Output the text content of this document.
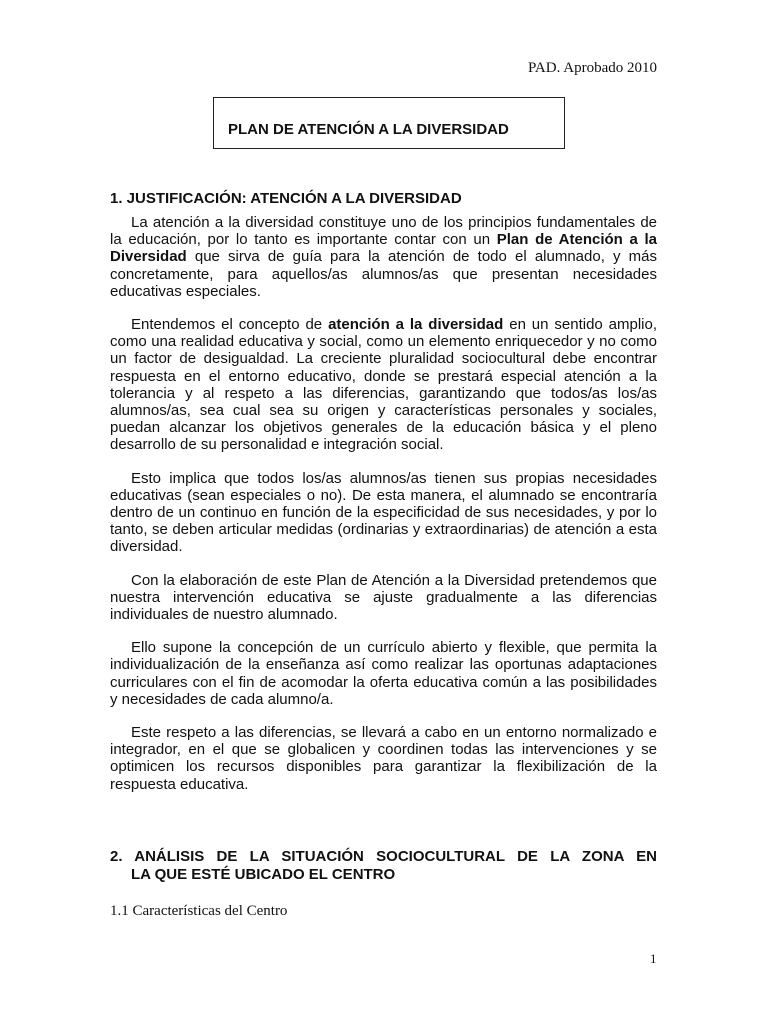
PAD. Aprobado 2010
PLAN DE ATENCIÓN A LA DIVERSIDAD
1. JUSTIFICACIÓN: ATENCIÓN A LA DIVERSIDAD

La atención a la diversidad constituye uno de los principios fundamentales de la educación, por lo tanto es importante contar con un Plan de Atención a la Diversidad que sirva de guía para la atención de todo el alumnado, y más concretamente, para aquellos/as alumnos/as que presentan necesidades educativas especiales.

Entendemos el concepto de atención a la diversidad en un sentido amplio, como una realidad educativa y social, como un elemento enriquecedor y no como un factor de desigualdad. La creciente pluralidad sociocultural debe encontrar respuesta en el entorno educativo, donde se prestará especial atención a la tolerancia y al respeto a las diferencias, garantizando que todos/as los/as alumnos/as, sea cual sea su origen y características personales y sociales, puedan alcanzar los objetivos generales de la educación básica y el pleno desarrollo de su personalidad e integración social.

Esto implica que todos los/as alumnos/as tienen sus propias necesidades educativas (sean especiales o no). De esta manera, el alumnado se encontraría dentro de un continuo en función de la especificidad de sus necesidades, y por lo tanto, se deben articular medidas (ordinarias y extraordinarias) de atención a esta diversidad.

Con la elaboración de este Plan de Atención a la Diversidad pretendemos que nuestra intervención educativa se ajuste gradualmente a las diferencias individuales de nuestro alumnado.

Ello supone la concepción de un currículo abierto y flexible, que permita la individualización de la enseñanza así como realizar las oportunas adaptaciones curriculares con el fin de acomodar la oferta educativa común a las posibilidades y necesidades de cada alumno/a.

Este respeto a las diferencias, se llevará a cabo en un entorno normalizado e integrador, en el que se globalicen y coordinen todas las intervenciones y se optimicen los recursos disponibles para garantizar la flexibilización de la respuesta educativa.

2. ANÁLISIS DE LA SITUACIÓN SOCIOCULTURAL DE LA ZONA EN
LA QUE ESTÉ UBICADO EL CENTRO
1.1 Características del Centro
1
